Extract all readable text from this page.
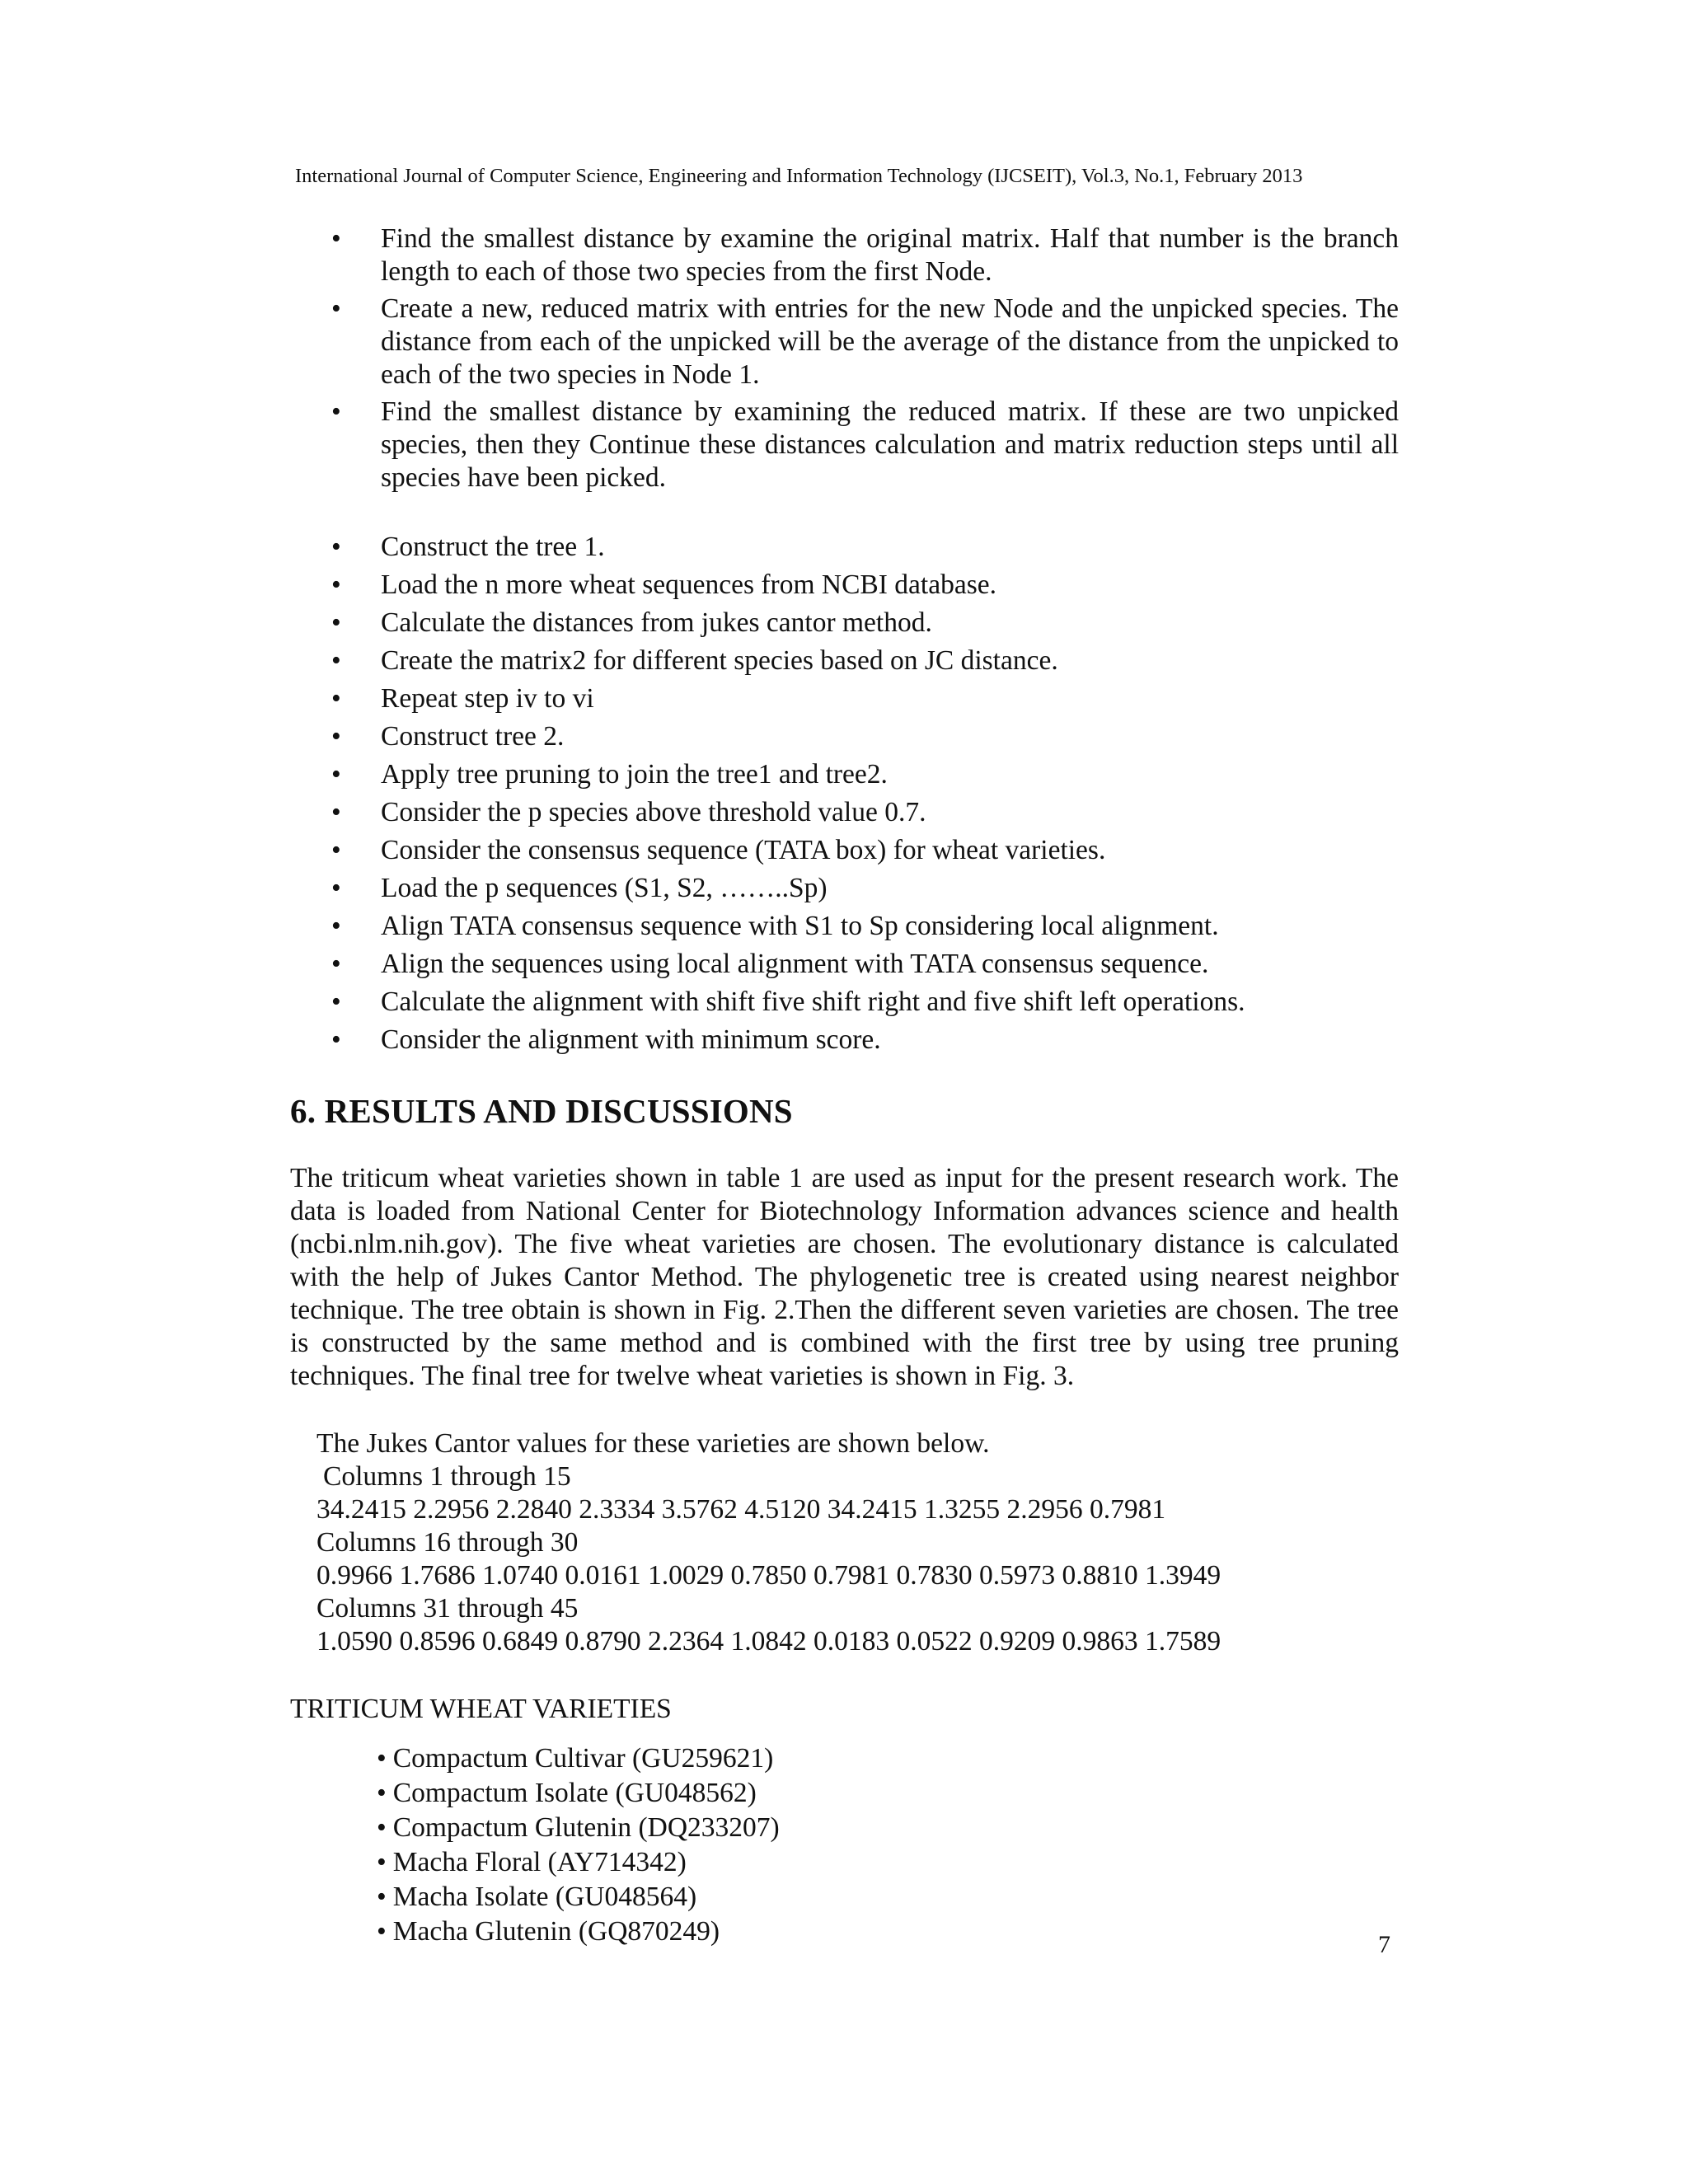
International Journal of Computer Science, Engineering and Information Technology (IJCSEIT), Vol.3, No.1, February 2013
• Find the smallest distance by examine the original matrix. Half that number is the branch length to each of those two species from the first Node.
• Create a new, reduced matrix with entries for the new Node and the unpicked species. The distance from each of the unpicked will be the average of the distance from the unpicked to each of the two species in Node 1.
• Find the smallest distance by examining the reduced matrix. If these are two unpicked species, then they Continue these distances calculation and matrix reduction steps until all species have been picked.
• Construct the tree 1.
• Load the n more wheat sequences from NCBI database.
• Calculate the distances from jukes cantor method.
• Create the matrix2 for different species based on JC distance.
• Repeat step iv to vi
• Construct tree 2.
• Apply tree pruning to join the tree1 and tree2.
• Consider the p species above threshold value 0.7.
• Consider the consensus sequence (TATA box) for wheat varieties.
• Load the p sequences (S1, S2, ……..Sp)
• Align TATA consensus sequence with S1 to Sp considering local alignment.
• Align the sequences using local alignment with TATA consensus sequence.
• Calculate the alignment with shift five shift right and five shift left operations.
• Consider the alignment with minimum score.
6. RESULTS AND DISCUSSIONS

The triticum wheat varieties shown in table 1 are used as input for the present research work. The data is loaded from National Center for Biotechnology Information advances science and health (ncbi.nlm.nih.gov). The five wheat varieties are chosen. The evolutionary distance is calculated with the help of Jukes Cantor Method. The phylogenetic tree is created using nearest neighbor technique. The tree obtain is shown in Fig. 2.Then the different seven varieties are chosen. The tree is constructed by the same method and is combined with the first tree by using tree pruning techniques. The final tree for twelve wheat varieties is shown in Fig. 3.

The Jukes Cantor values for these varieties are shown below.
Columns 1 through 15
34.2415 2.2956 2.2840 2.3334 3.5762 4.5120 34.2415 1.3255 2.2956 0.7981
Columns 16 through 30
0.9966 1.7686 1.0740 0.0161 1.0029 0.7850 0.7981 0.7830 0.5973 0.8810 1.3949
Columns 31 through 45
1.0590 0.8596 0.6849 0.8790 2.2364 1.0842 0.0183 0.0522 0.9209 0.9863 1.7589

TRITICUM WHEAT VARIETIES

• Compactum Cultivar (GU259621)
• Compactum Isolate (GU048562)
• Compactum Glutenin (DQ233207)
• Macha Floral (AY714342)
• Macha Isolate (GU048564)
• Macha Glutenin (GQ870249)	7
